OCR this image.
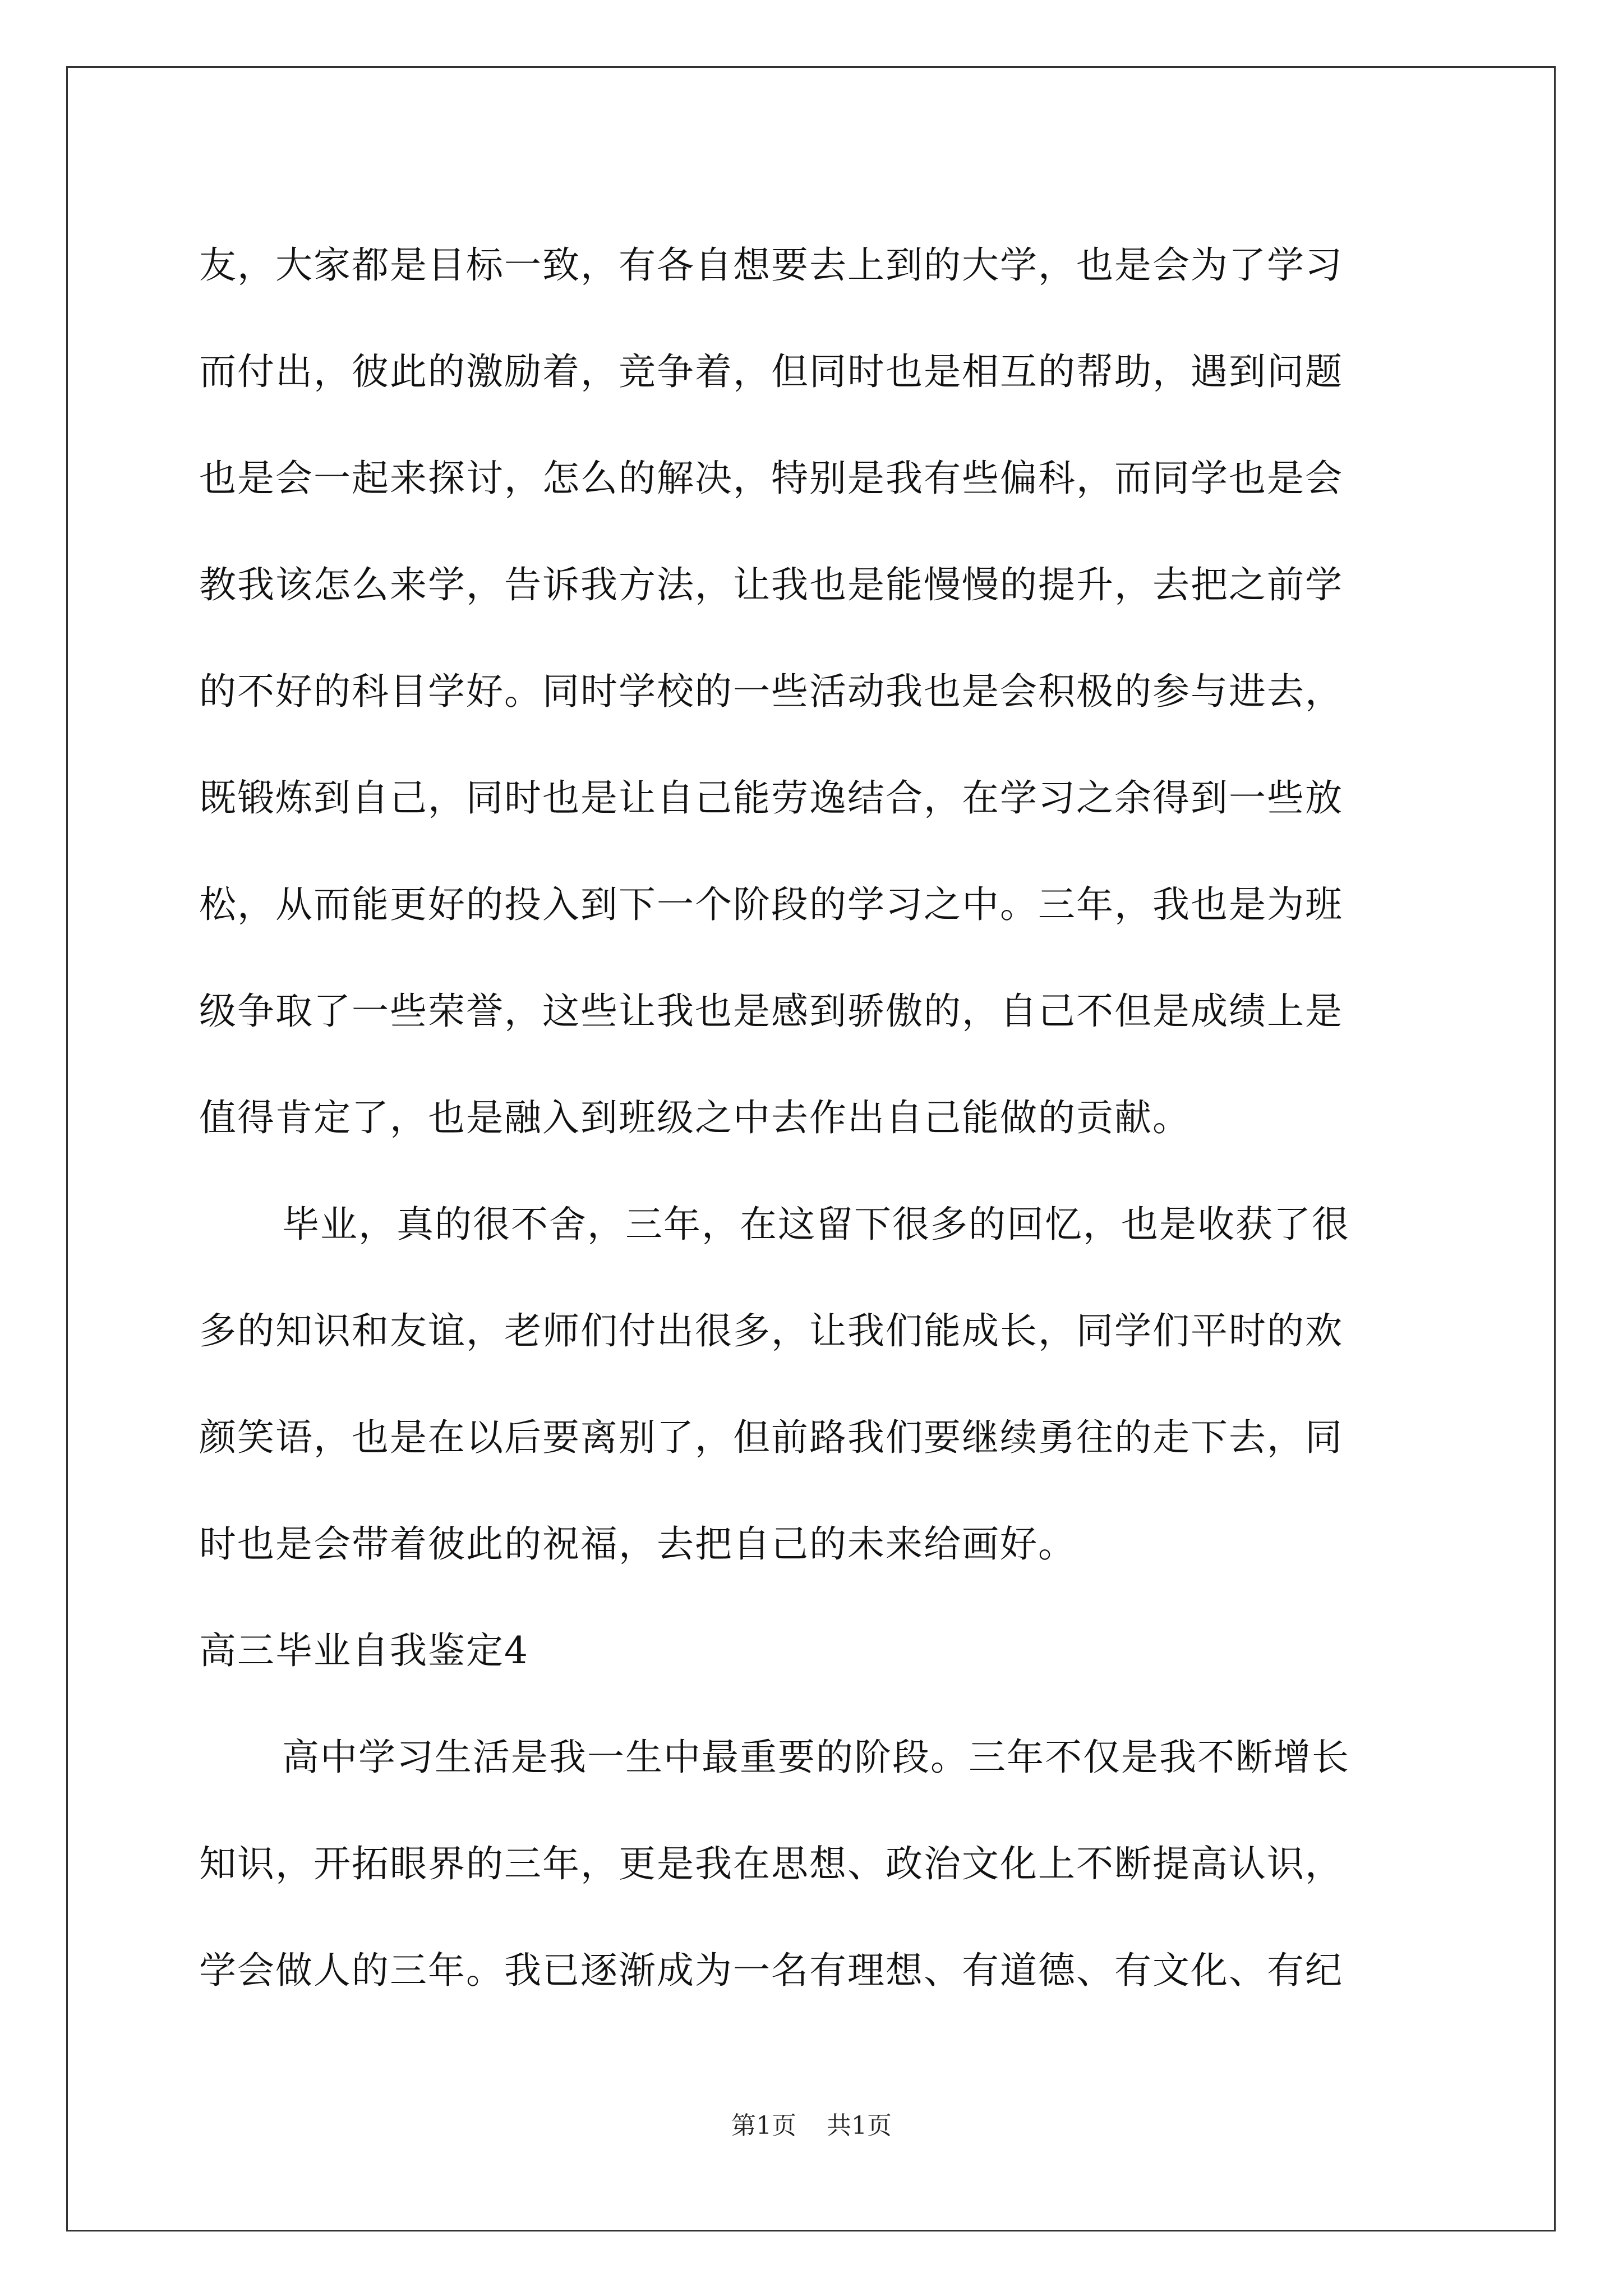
友，大家都是目标一致，有各自想要去上到的大学，也是会为了学习
而付出，彼此的激励着，竞争着，但同时也是相互的帮助，遇到问题
也是会一起来探讨，怎么的解决，特别是我有些偏科，而同学也是会
教我该怎么来学，告诉我方法，让我也是能慢慢的提升，去把之前学
的不好的科目学好。同时学校的一些活动我也是会积极的参与进去，
既锻炼到自己，同时也是让自己能劳逸结合，在学习之余得到一些放
松，从而能更好的投入到下一个阶段的学习之中。三年，我也是为班
级争取了一些荣誉，这些让我也是感到骄傲的，自己不但是成绩上是
值得肯定了，也是融入到班级之中去作出自己能做的贡献。
毕业，真的很不舍，三年，在这留下很多的回忆，也是收获了很
多的知识和友谊，老师们付出很多，让我们能成长，同学们平时的欢
颜笑语，也是在以后要离别了，但前路我们要继续勇往的走下去，同
时也是会带着彼此的祝福，去把自己的未来给画好。
高三毕业自我鉴定4
高中学习生活是我一生中最重要的阶段。三年不仅是我不断增长
知识，开拓眼界的三年，更是我在思想、政治文化上不断提高认识，
学会做人的三年。我已逐渐成为一名有理想、有道德、有文化、有纪
第1页 共1页
